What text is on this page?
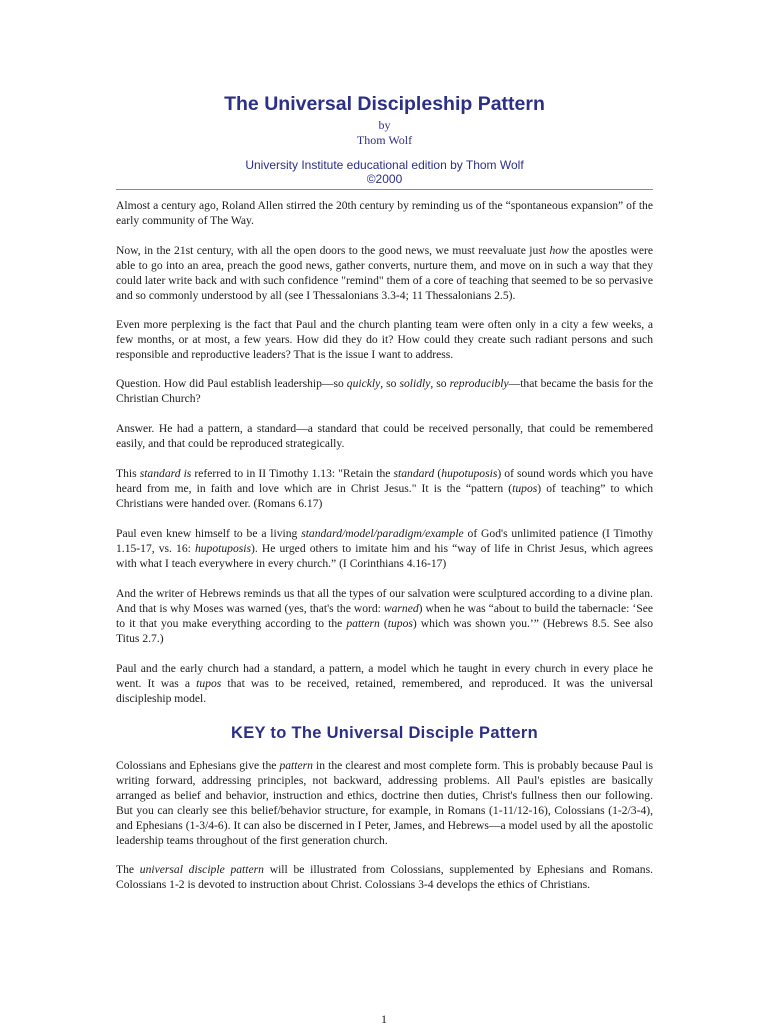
The Universal Discipleship Pattern
by
Thom Wolf
University Institute educational edition by Thom Wolf
©2000

Almost a century ago, Roland Allen stirred the 20th century by reminding us of the “spontaneous expansion” of the early community of The Way.

Now, in the 21st century, with all the open doors to the good news, we must reevaluate just how the apostles were able to go into an area, preach the good news, gather converts, nurture them, and move on in such a way that they could later write back and with such confidence "remind" them of a core of teaching that seemed to be so pervasive and so commonly understood by all (see I Thessalonians 3.3-4; 11 Thessalonians 2.5).

Even more perplexing is the fact that Paul and the church planting team were often only in a city a few weeks, a few months, or at most, a few years. How did they do it? How could they create such radiant persons and such responsible and reproductive leaders? That is the issue I want to address.

Question. How did Paul establish leadership—so quickly, so solidly, so reproducibly—that became the basis for the Christian Church?

Answer. He had a pattern, a standard—a standard that could be received personally, that could be remembered easily, and that could be reproduced strategically.

This standard is referred to in II Timothy 1.13: "Retain the standard (hupotuposis) of sound words which you have heard from me, in faith and love which are in Christ Jesus." It is the “pattern (tupos) of teaching” to which Christians were handed over. (Romans 6.17)

Paul even knew himself to be a living standard/model/paradigm/example of God's unlimited patience (I Timothy 1.15-17, vs. 16: hupotuposis). He urged others to imitate him and his “way of life in Christ Jesus, which agrees with what I teach everywhere in every church.” (I Corinthians 4.16-17)

And the writer of Hebrews reminds us that all the types of our salvation were sculptured according to a divine plan. And that is why Moses was warned (yes, that's the word: warned) when he was “about to build the tabernacle: ‘See to it that you make everything according to the pattern (tupos) which was shown you.’” (Hebrews 8.5. See also Titus 2.7.)

Paul and the early church had a standard, a pattern, a model which he taught in every church in every place he went. It was a tupos that was to be received, retained, remembered, and reproduced. It was the universal discipleship model.

KEY to The Universal Disciple Pattern

Colossians and Ephesians give the pattern in the clearest and most complete form. This is probably because Paul is writing forward, addressing principles, not backward, addressing problems. All Paul's epistles are basically arranged as belief and behavior, instruction and ethics, doctrine then duties, Christ's fullness then our following. But you can clearly see this belief/behavior structure, for example, in Romans (1-11/12-16), Colossians (1-2/3-4), and Ephesians (1-3/4-6). It can also be discerned in I Peter, James, and Hebrews—a model used by all the apostolic leadership teams throughout of the first generation church.

The universal disciple pattern will be illustrated from Colossians, supplemented by Ephesians and Romans. Colossians 1-2 is devoted to instruction about Christ. Colossians 3-4 develops the ethics of Christians.

1
